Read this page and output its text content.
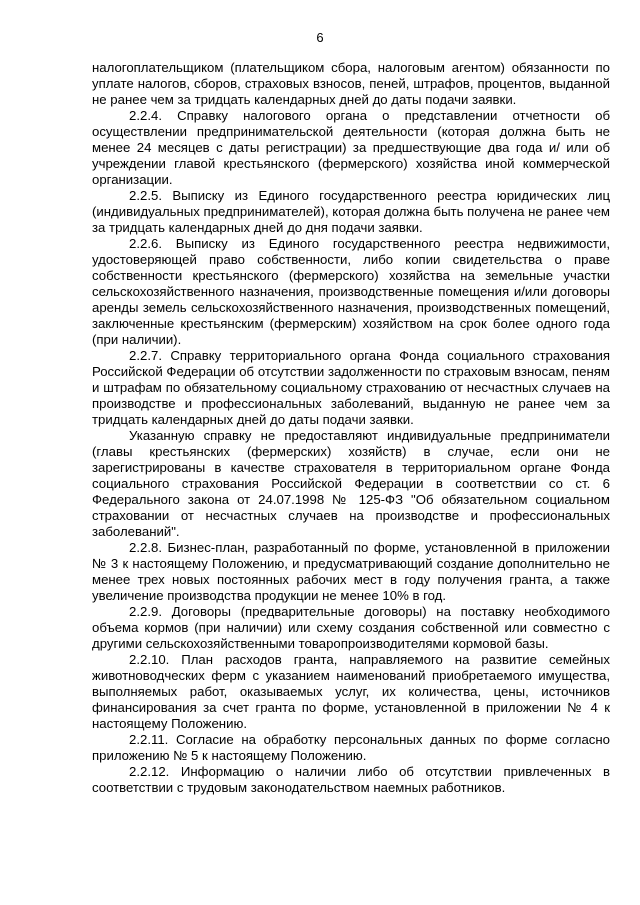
6

налогоплательщиком (плательщиком сбора, налоговым агентом) обязанности по уплате налогов, сборов, страховых взносов, пеней, штрафов, процентов, выданной не ранее чем за тридцать календарных дней до даты подачи заявки.

2.2.4. Справку налогового органа о представлении отчетности об осуществлении предпринимательской деятельности (которая должна быть не менее 24 месяцев с даты регистрации) за предшествующие два года и/ или об учреждении главой крестьянского (фермерского) хозяйства иной коммерческой организации.

2.2.5. Выписку из Единого государственного реестра юридических лиц (индивидуальных предпринимателей), которая должна быть получена не ранее чем за тридцать календарных дней до дня подачи заявки.

2.2.6. Выписку из Единого государственного реестра недвижимости, удостоверяющей право собственности, либо копии свидетельства о праве собственности крестьянского (фермерского) хозяйства на земельные участки сельскохозяйственного назначения, производственные помещения и/или договоры аренды земель сельскохозяйственного назначения, производственных помещений, заключенные крестьянским (фермерским) хозяйством на срок более одного года (при наличии).

2.2.7. Справку территориального органа Фонда социального страхования Российской Федерации об отсутствии задолженности по страховым взносам, пеням и штрафам по обязательному социальному страхованию от несчастных случаев на производстве и профессиональных заболеваний, выданную не ранее чем за тридцать календарных дней до даты подачи заявки.

Указанную справку не предоставляют индивидуальные предприниматели (главы крестьянских (фермерских) хозяйств) в случае, если они не зарегистрированы в качестве страхователя в территориальном органе Фонда социального страхования Российской Федерации в соответствии со ст. 6 Федерального закона от 24.07.1998 № 125-ФЗ "Об обязательном социальном страховании от несчастных случаев на производстве и профессиональных заболеваний".

2.2.8. Бизнес-план, разработанный по форме, установленной в приложении № 3 к настоящему Положению, и предусматривающий создание дополнительно не менее трех новых постоянных рабочих мест в году получения гранта, а также увеличение производства продукции не менее 10% в год.

2.2.9. Договоры (предварительные договоры) на поставку необходимого объема кормов (при наличии) или схему создания собственной или совместно с другими сельскохозяйственными товаропроизводителями кормовой базы.

2.2.10. План расходов гранта, направляемого на развитие семейных животноводческих ферм с указанием наименований приобретаемого имущества, выполняемых работ, оказываемых услуг, их количества, цены, источников финансирования за счет гранта по форме, установленной в приложении № 4 к настоящему Положению.

2.2.11. Согласие на обработку персональных данных по форме согласно приложению № 5 к настоящему Положению.

2.2.12. Информацию о наличии либо об отсутствии привлеченных в соответствии с трудовым законодательством наемных работников.
